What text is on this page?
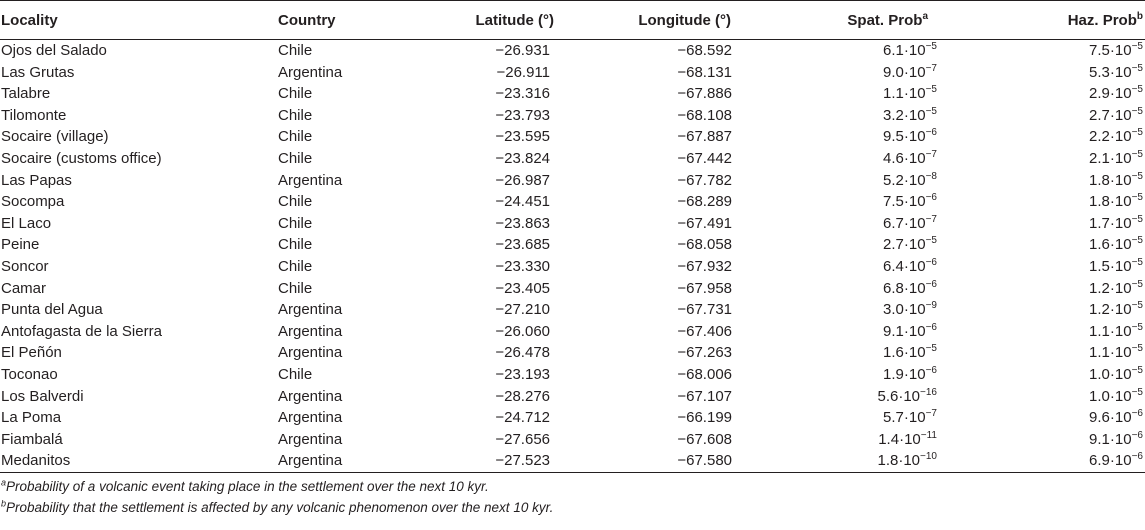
Locality	Country	Latitude (°)	Longitude (°)	Spat. Prob$^a$	Haz. Prob$^b$
Ojos del Salado	Chile	−26.931	−68.592	$6.1\cdot 10^{-5}$	$7.5\cdot 10^{-5}$
Las Grutas	Argentina	−26.911	−68.131	$9.0\cdot 10^{-7}$	$5.3\cdot 10^{-5}$
Talabre	Chile	−23.316	−67.886	$1.1\cdot 10^{-5}$	$2.9\cdot 10^{-5}$
Tilomonte	Chile	−23.793	−68.108	$3.2\cdot 10^{-5}$	$2.7\cdot 10^{-5}$
Socaire (village)	Chile	−23.595	−67.887	$9.5\cdot 10^{-6}$	$2.2\cdot 10^{-5}$
Socaire (customs office)	Chile	−23.824	−67.442	$4.6\cdot 10^{-7}$	$2.1\cdot 10^{-5}$
Las Papas	Argentina	−26.987	−67.782	$5.2\cdot 10^{-8}$	$1.8\cdot 10^{-5}$
Socompa	Chile	−24.451	−68.289	$7.5\cdot 10^{-6}$	$1.8\cdot 10^{-5}$
El Laco	Chile	−23.863	−67.491	$6.7\cdot 10^{-7}$	$1.7\cdot 10^{-5}$
Peine	Chile	−23.685	−68.058	$2.7\cdot 10^{-5}$	$1.6\cdot 10^{-5}$
Soncor	Chile	−23.330	−67.932	$6.4\cdot 10^{-6}$	$1.5\cdot 10^{-5}$
Camar	Chile	−23.405	−67.958	$6.8\cdot 10^{-6}$	$1.2\cdot 10^{-5}$
Punta del Agua	Argentina	−27.210	−67.731	$3.0\cdot 10^{-9}$	$1.2\cdot 10^{-5}$
Antofagasta de la Sierra	Argentina	−26.060	−67.406	$9.1\cdot 10^{-6}$	$1.1\cdot 10^{-5}$
El Peñón	Argentina	−26.478	−67.263	$1.6\cdot 10^{-5}$	$1.1\cdot 10^{-5}$
Toconao	Chile	−23.193	−68.006	$1.9\cdot 10^{-6}$	$1.0\cdot 10^{-5}$
Los Balverdi	Argentina	−28.276	−67.107	$5.6\cdot 10^{-16}$	$1.0\cdot 10^{-5}$
La Poma	Argentina	−24.712	−66.199	$5.7\cdot 10^{-7}$	$9.6\cdot 10^{-6}$
Fiambalá	Argentina	−27.656	−67.608	$1.4\cdot 10^{-11}$	$9.1\cdot 10^{-6}$
Medanitos	Argentina	−27.523	−67.580	$1.8\cdot 10^{-10}$	$6.9\cdot 10^{-6}$
$^a$Probability of a volcanic event taking place in the settlement over the next 10 kyr.
$^b$Probability that the settlement is affected by any volcanic phenomenon over the next 10 kyr.
